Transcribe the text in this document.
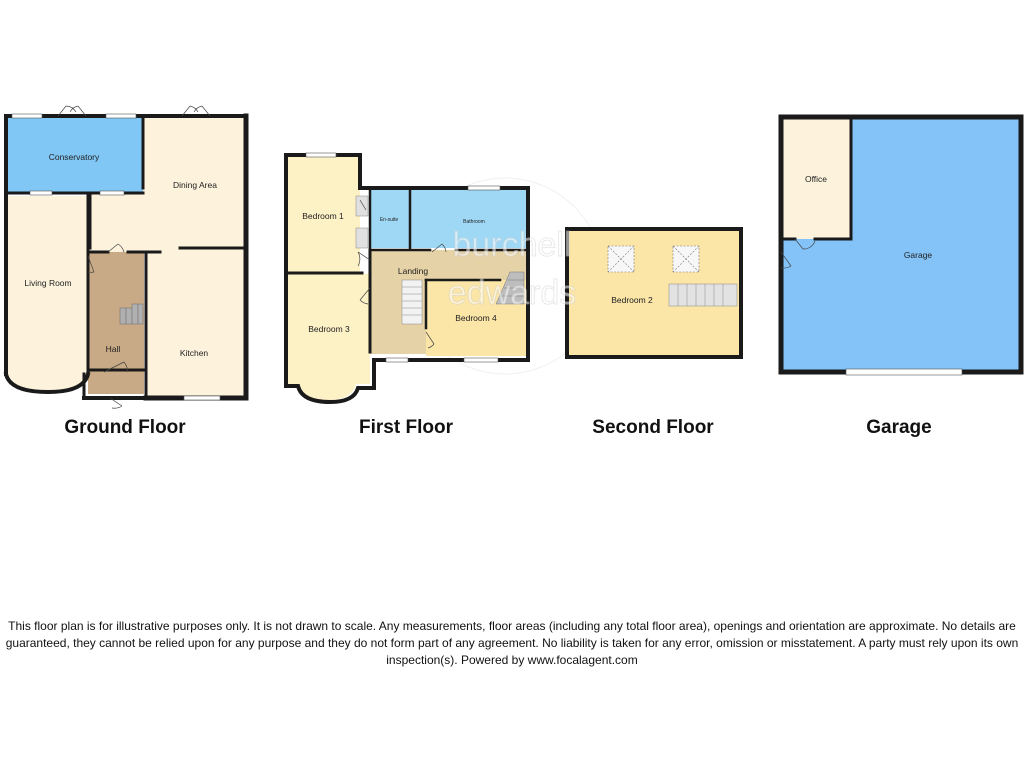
Conservatory
Dining Area
Living Room
Hall	Kitchen
Bedroom 1	En-suite	Bathroom
Landing
Bedroom 3
Bedroom 4
Bedroom 2
Office
Garage
burchell
edwards
Ground Floor	First Floor	Second Floor	Garage
This floor plan is for illustrative purposes only. It is not drawn to scale. Any measurements, floor areas (including any total floor area), openings and orientation are approximate. No details are guaranteed, they cannot be relied upon for any purpose and they do not form part of any agreement. No liability is taken for any error, omission or misstatement. A party must rely upon its own inspection(s). Powered by www.focalagent.com
